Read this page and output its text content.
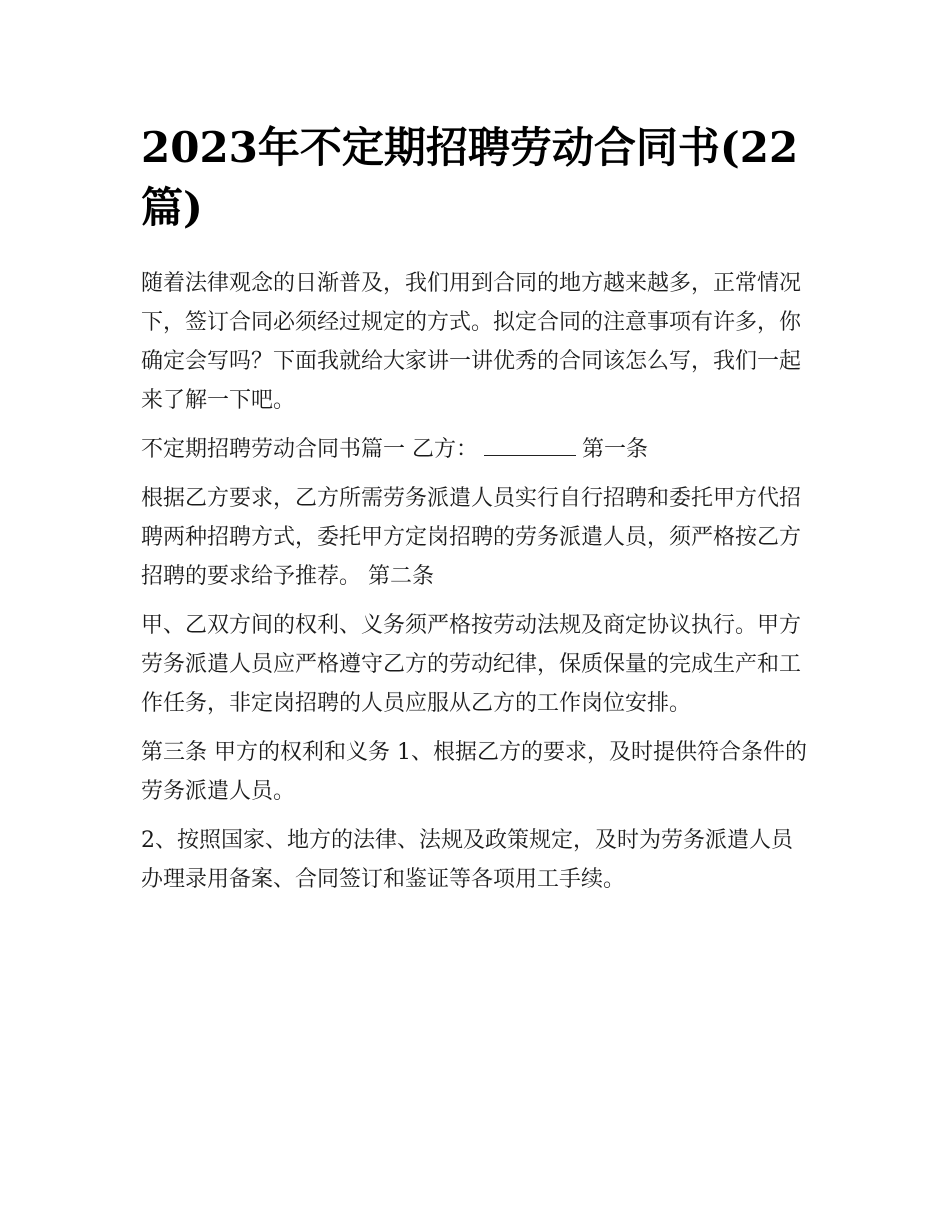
2023年不定期招聘劳动合同书(22篇)

随着法律观念的日渐普及，我们用到合同的地方越来越多，正常情况下，签订合同必须经过规定的方式。拟定合同的注意事项有许多，你确定会写吗？下面我就给大家讲一讲优秀的合同该怎么写，我们一起来了解一下吧。

不定期招聘劳动合同书篇一 乙方：	第一条

根据乙方要求，乙方所需劳务派遣人员实行自行招聘和委托甲方代招聘两种招聘方式，委托甲方定岗招聘的劳务派遣人员，须严格按乙方招聘的要求给予推荐。 第二条

甲、乙双方间的权利、义务须严格按劳动法规及商定协议执行。甲方劳务派遣人员应严格遵守乙方的劳动纪律，保质保量的完成生产和工作任务，非定岗招聘的人员应服从乙方的工作岗位安排。

第三条 甲方的权利和义务 1、根据乙方的要求，及时提供符合条件的劳务派遣人员。

2、按照国家、地方的法律、法规及政策规定，及时为劳务派遣人员办理录用备案、合同签订和鉴证等各项用工手续。
